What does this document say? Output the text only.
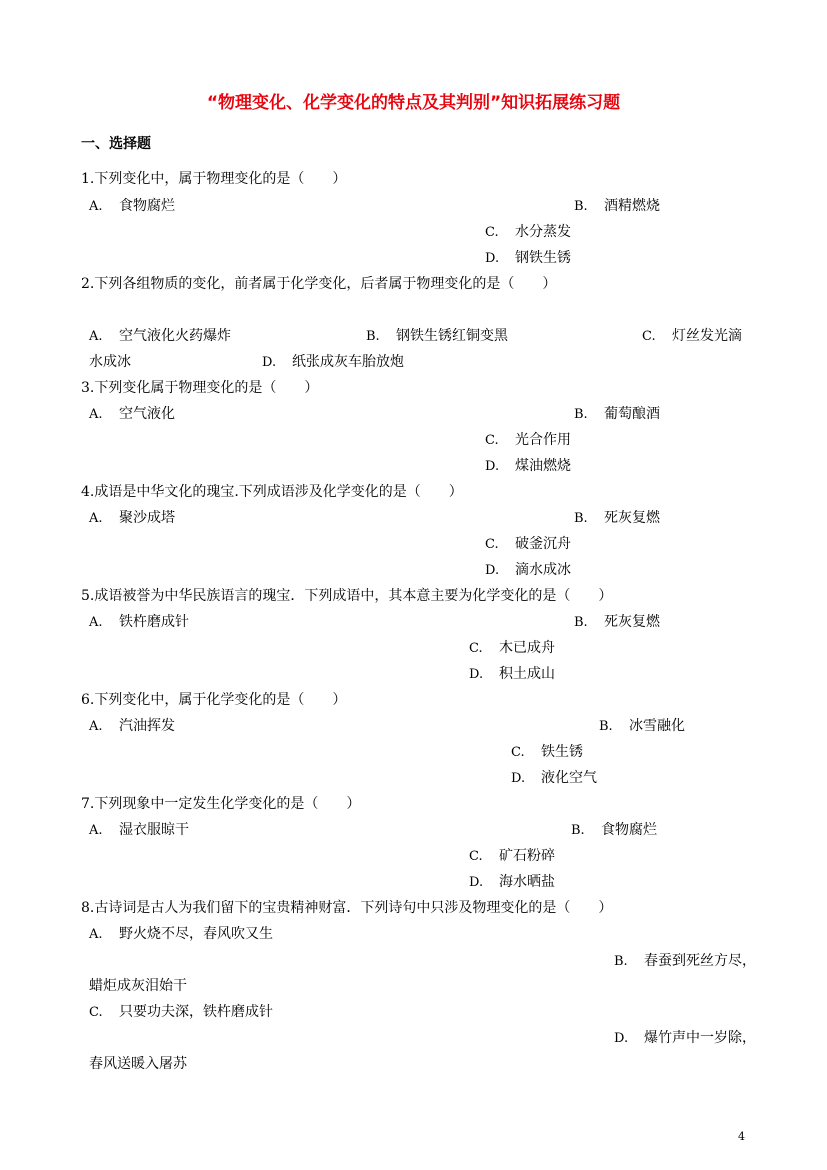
“物理变化、化学变化的特点及其判别”知识拓展练习题
一、选择题
1.下列变化中，属于物理变化的是（　　）
A. 食物腐烂	B. 酒精燃烧
C. 水分蒸发
D. 钢铁生锈
2.下列各组物质的变化，前者属于化学变化，后者属于物理变化的是（　　）
A. 空气液化火药爆炸	B. 钢铁生锈红铜变黑	C. 灯丝发光滴
水成冰	D. 纸张成灰车胎放炮
3.下列变化属于物理变化的是（　　）
A. 空气液化	B. 葡萄酿酒
C. 光合作用
D. 煤油燃烧
4.成语是中华文化的瑰宝.下列成语涉及化学变化的是（　　）
A. 聚沙成塔	B. 死灰复燃
C. 破釜沉舟
D. 滴水成冰
5.成语被誉为中华民族语言的瑰宝．下列成语中，其本意主要为化学变化的是（　　）
A. 铁杵磨成针	B. 死灰复燃
C. 木已成舟
D. 积土成山
6.下列变化中，属于化学变化的是（　　）
A. 汽油挥发	B. 冰雪融化
C. 铁生锈
D. 液化空气
7.下列现象中一定发生化学变化的是（　　）
A. 湿衣服晾干	B. 食物腐烂
C. 矿石粉碎
D. 海水晒盐
8.古诗词是古人为我们留下的宝贵精神财富．下列诗句中只涉及物理变化的是（　　）
A. 野火烧不尽，春风吹又生
B. 春蚕到死丝方尽，
蜡炬成灰泪始干
C. 只要功夫深，铁杵磨成针
D. 爆竹声中一岁除，
春风送暖入屠苏
4
